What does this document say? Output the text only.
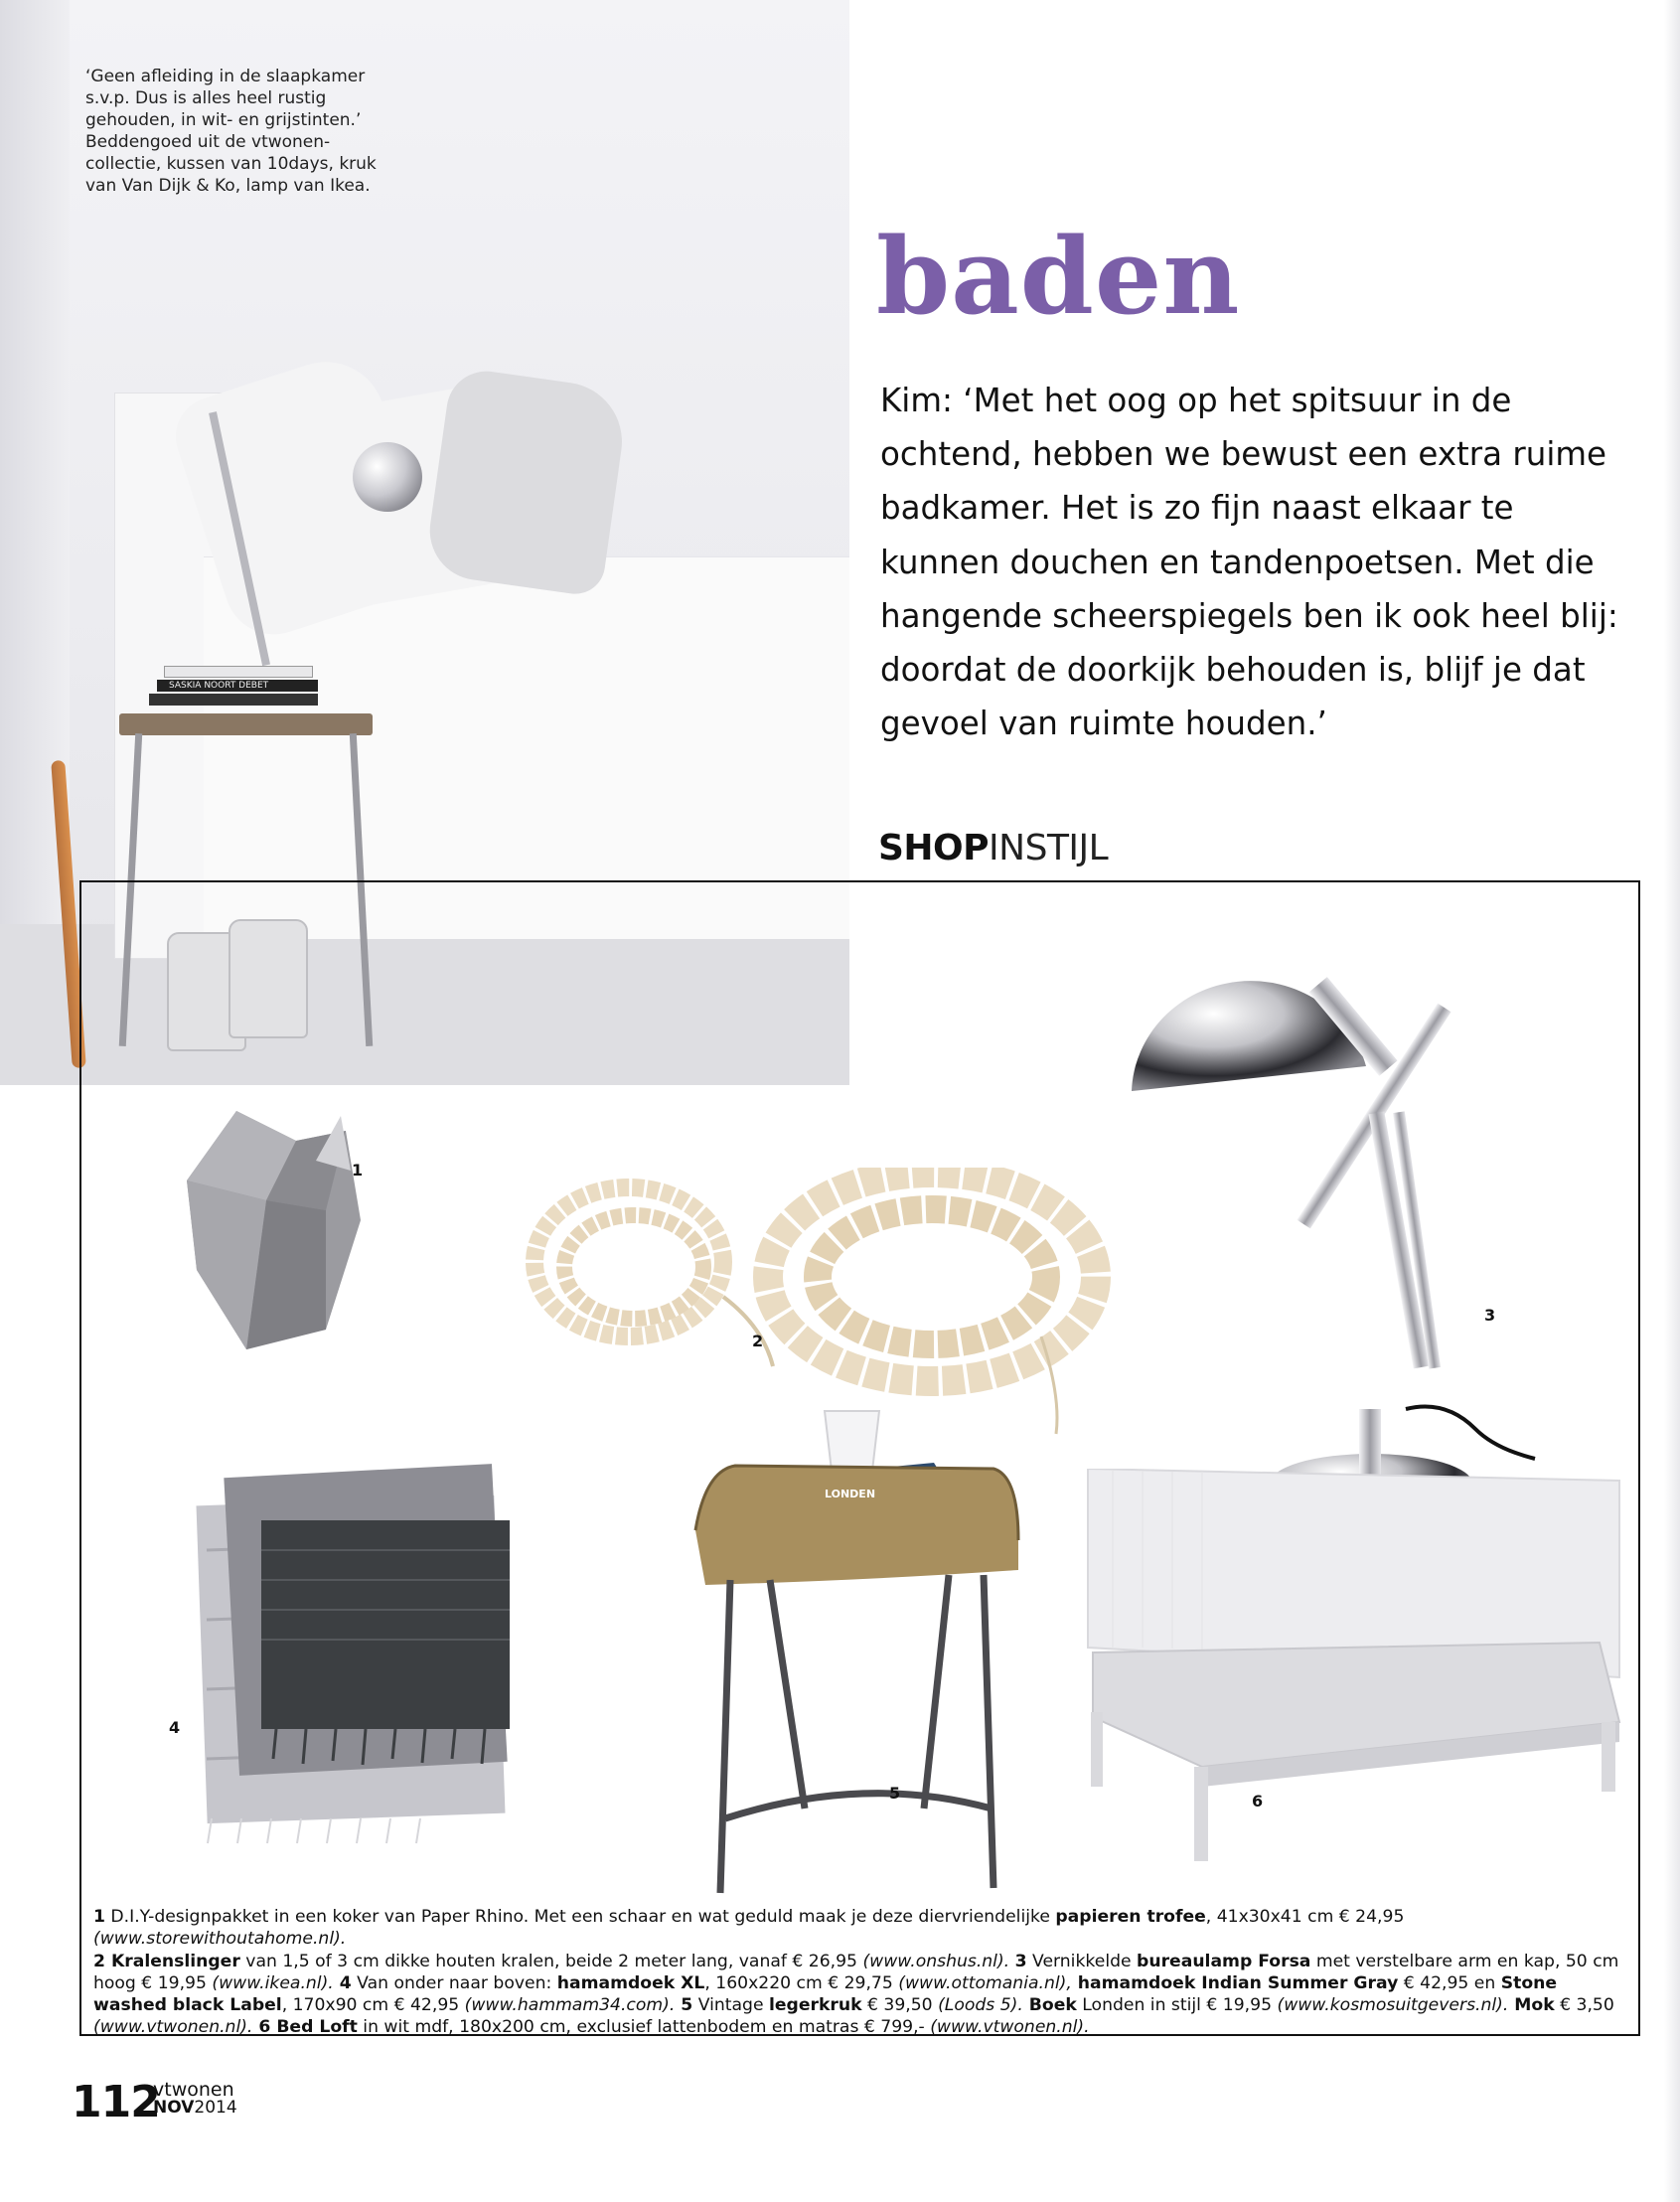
SASKIA NOORT DEBET
‘Geen afleiding in de slaapkamer
s.v.p. Dus is alles heel rustig
gehouden, in wit- en grijstinten.’
Beddengoed uit de vtwonen-
collectie, kussen van 10days, kruk
van Van Dijk & Ko, lamp van Ikea.
baden
Kim: ‘Met het oog op het spitsuur in de
ochtend, hebben we bewust een extra ruime
badkamer. Het is zo fijn naast elkaar te
kunnen douchen en tandenpoetsen. Met die
hangende scheerspiegels ben ik ook heel blij:
doordat de doorkijk behouden is, blijf je dat
gevoel van ruimte houden.’
SHOPINSTIJL
LONDEN
1
2
3
4
5	6
1 D.I.Y-designpakket in een koker van Paper Rhino. Met een schaar en wat geduld maak je deze diervriendelijke papieren trofee, 41x30x41 cm € 24,95 (www.storewithoutahome.nl).
2 Kralenslinger van 1,5 of 3 cm dikke houten kralen, beide 2 meter lang, vanaf € 26,95 (www.onshus.nl). 3 Vernikkelde bureaulamp Forsa met verstelbare arm en kap, 50 cm hoog € 19,95 (www.ikea.nl). 4 Van onder naar boven: hamamdoek XL, 160x220 cm € 29,75 (www.ottomania.nl), hamamdoek Indian Summer Gray € 42,95 en Stone washed black Label, 170x90 cm € 42,95 (www.hammam34.com). 5 Vintage legerkruk € 39,50 (Loods 5). Boek Londen in stijl € 19,95 (www.kosmosuitgevers.nl). Mok € 3,50 (www.vtwonen.nl). 6 Bed Loft in wit mdf, 180x200 cm, exclusief lattenbodem en matras € 799,- (www.vtwonen.nl).
112
vtwonen
NOV2014
